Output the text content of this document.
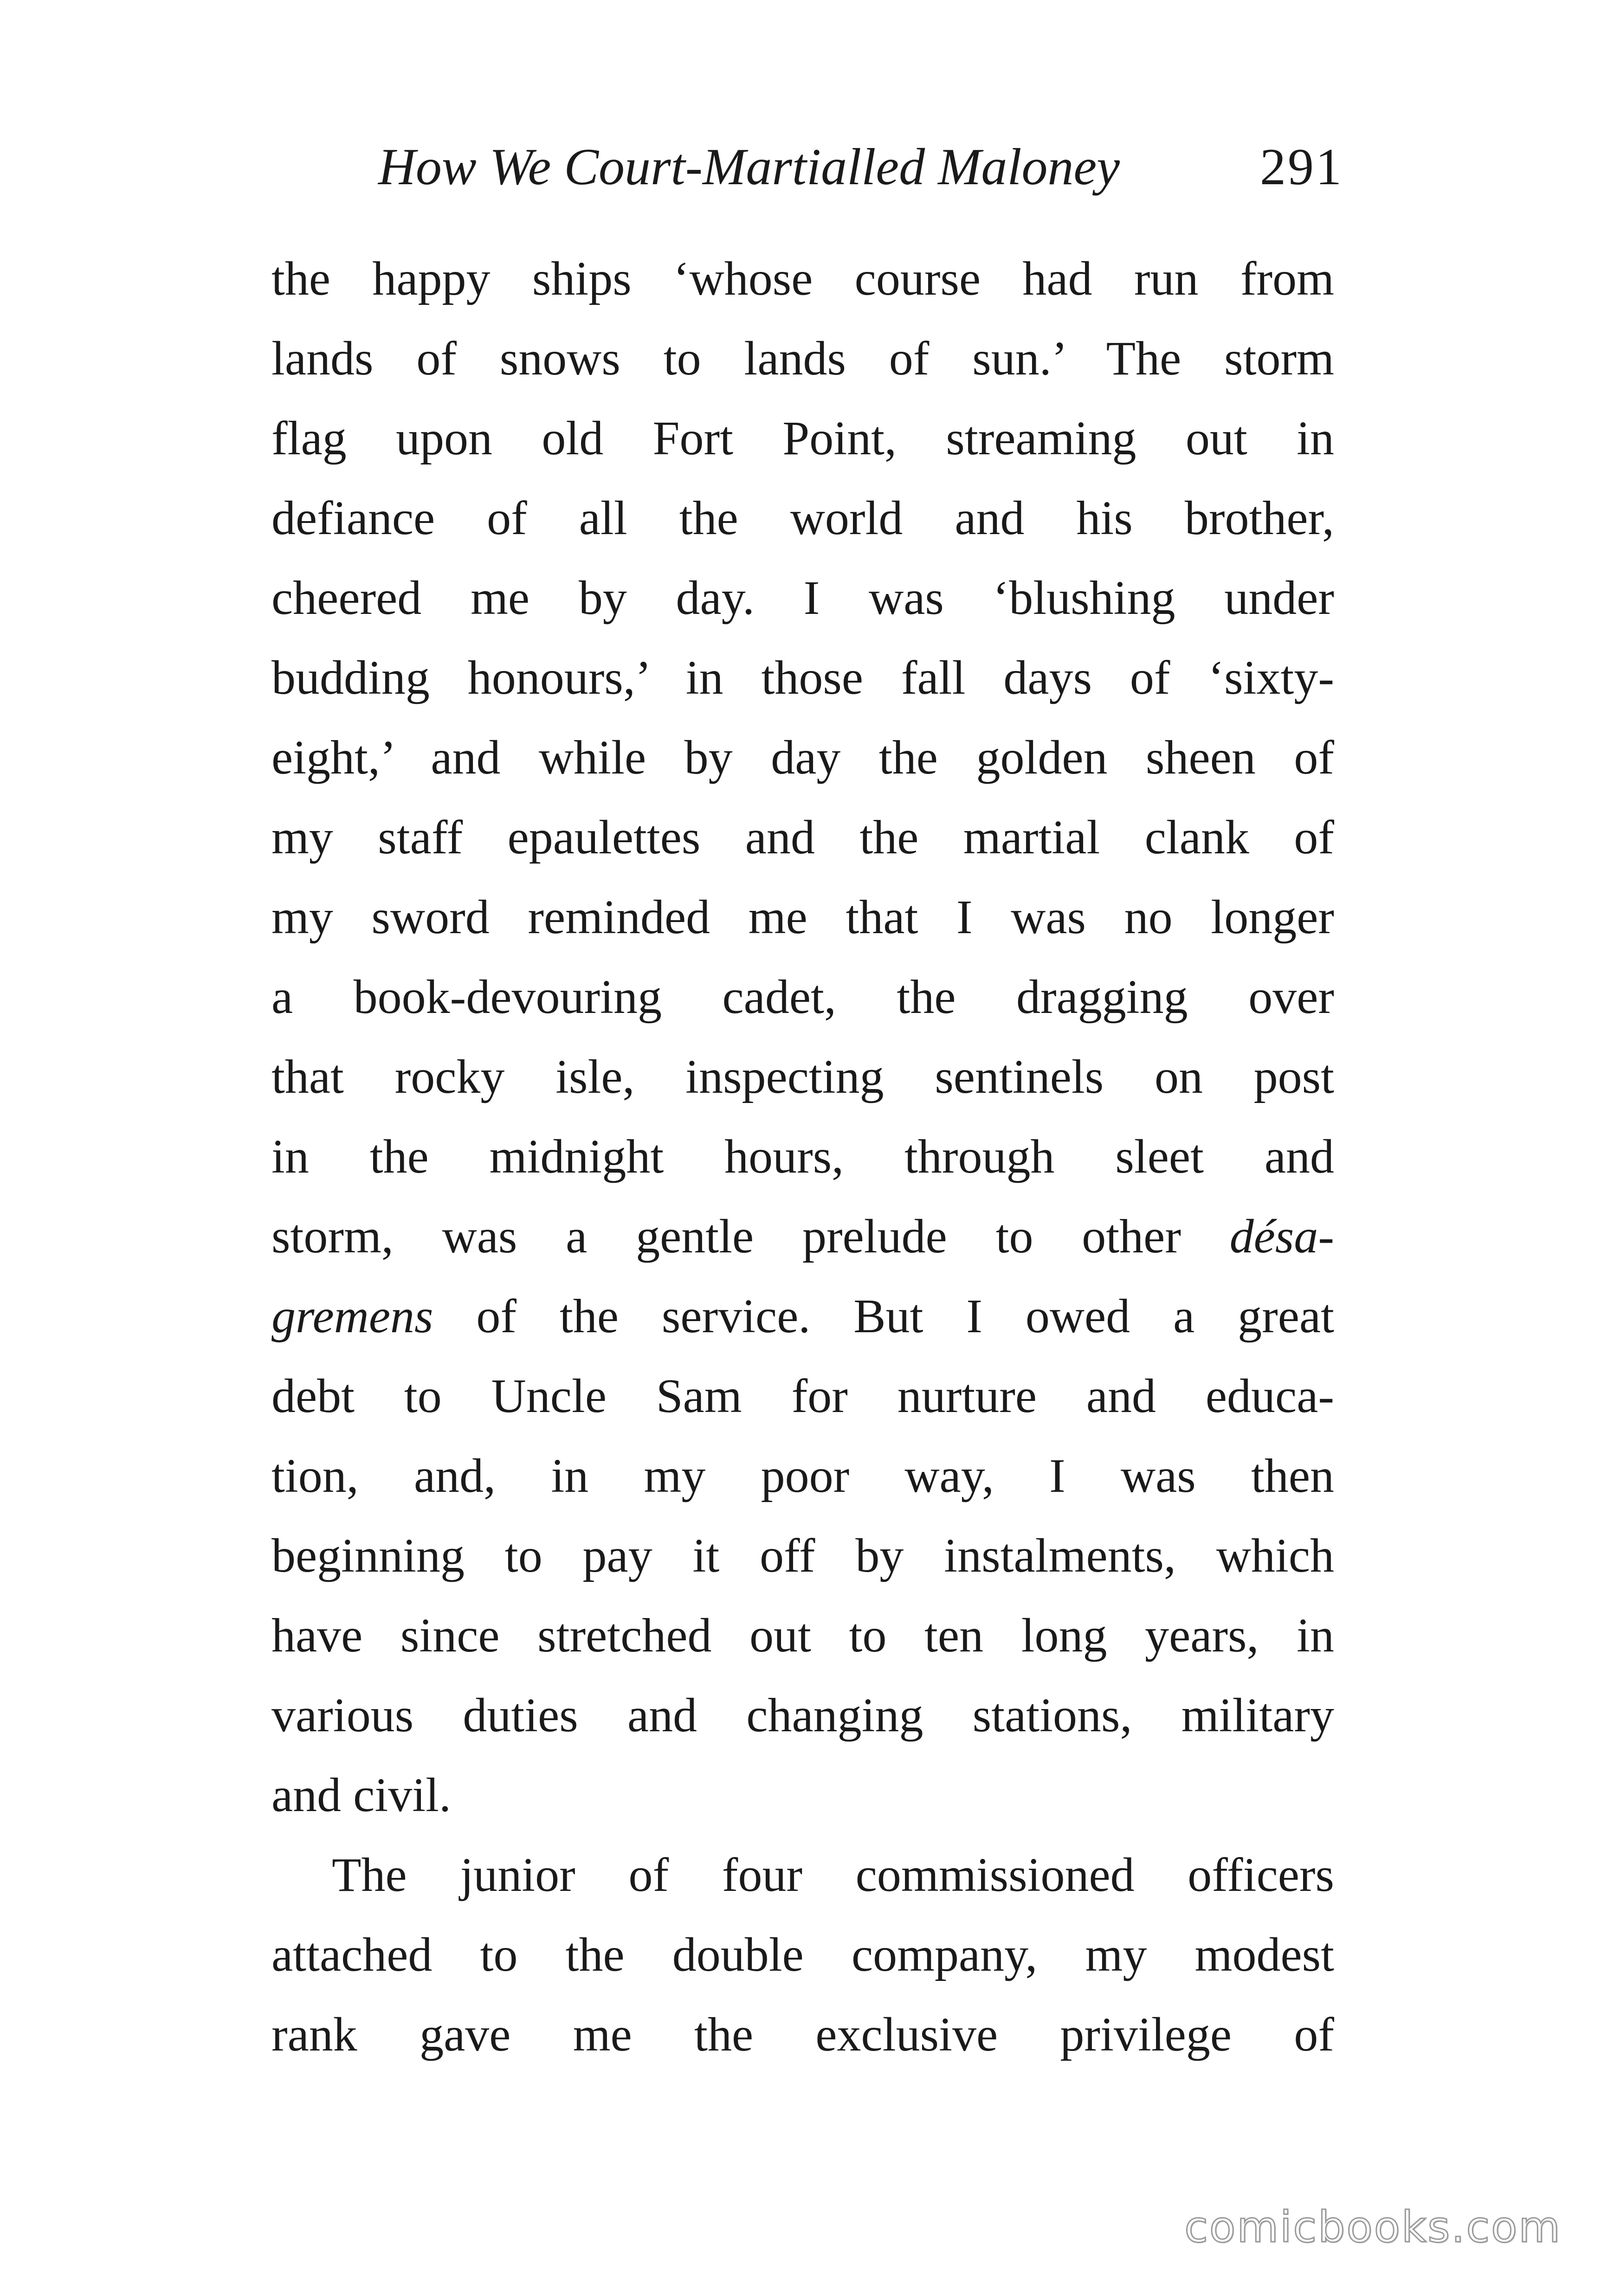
How We Court-Martialled Maloney	291
the happy ships ‘whose course had run from
lands of snows to lands of sun.’ The storm
flag upon old Fort Point, streaming out in
defiance of all the world and his brother,
cheered me by day. I was ‘blushing under
budding honours,’ in those fall days of ‘sixty-
eight,’ and while by day the golden sheen of
my staff epaulettes and the martial clank of
my sword reminded me that I was no longer
a book-devouring cadet, the dragging over
that rocky isle, inspecting sentinels on post
in the midnight hours, through sleet and
storm, was a gentle prelude to other désa-
gremens of the service. But I owed a great
debt to Uncle Sam for nurture and educa-
tion, and, in my poor way, I was then
beginning to pay it off by instalments, which
have since stretched out to ten long years, in
various duties and changing stations, military
and civil.
The junior of four commissioned officers
attached to the double company, my modest
rank gave me the exclusive privilege of
comicbooks.com
